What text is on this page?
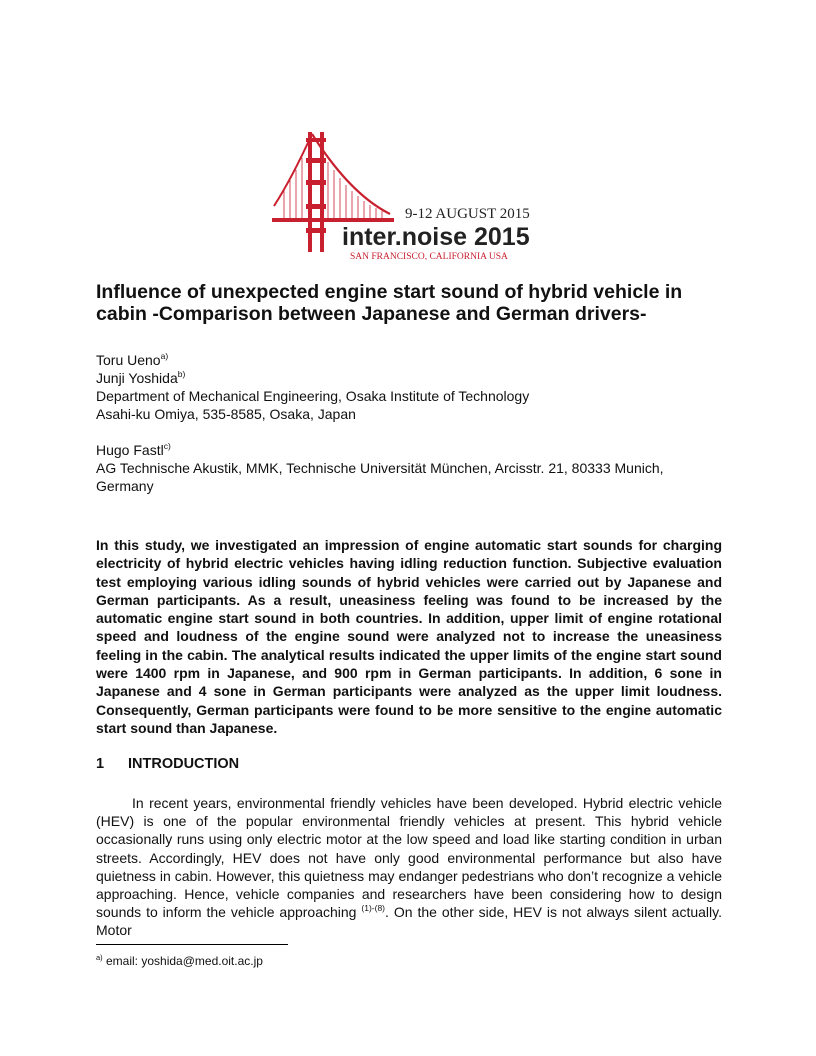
9-12 AUGUST 2015
inter.noise 2015
SAN FRANCISCO, CALIFORNIA USA
Influence of unexpected engine start sound of hybrid vehicle in
cabin -Comparison between Japanese and German drivers-
Toru Ueno$^{a)}$
Junji Yoshida$^{b)}$
Department of Mechanical Engineering, Osaka Institute of Technology
Asahi-ku Omiya, 535-8585, Osaka, Japan
Hugo Fastl$^{c)}$
AG Technische Akustik, MMK, Technische Universität München, Arcisstr. 21, 80333 Munich,
Germany

In this study, we investigated an impression of engine automatic start sounds for charging electricity of hybrid electric vehicles having idling reduction function. Subjective evaluation test employing various idling sounds of hybrid vehicles were carried out by Japanese and German participants. As a result, uneasiness feeling was found to be increased by the automatic engine start sound in both countries. In addition, upper limit of engine rotational speed and loudness of the engine sound were analyzed not to increase the uneasiness feeling in the cabin. The analytical results indicated the upper limits of the engine start sound were 1400 rpm in Japanese, and 900 rpm in German participants. In addition, 6 sone in Japanese and 4 sone in German participants were analyzed as the upper limit loudness. Consequently, German participants were found to be more sensitive to the engine automatic start sound than Japanese.

1 INTRODUCTION

In recent years, environmental friendly vehicles have been developed. Hybrid electric vehicle (HEV) is one of the popular environmental friendly vehicles at present. This hybrid vehicle occasionally runs using only electric motor at the low speed and load like starting condition in urban streets. Accordingly, HEV does not have only good environmental performance but also have quietness in cabin. However, this quietness may endanger pedestrians who don’t recognize a vehicle approaching. Hence, vehicle companies and researchers have been considering how to design sounds to inform the vehicle approaching $^{(1)-(8)}$. On the other side, HEV is not always silent actually. Motor

$^{a)}$ email: yoshida@med.oit.ac.jp
